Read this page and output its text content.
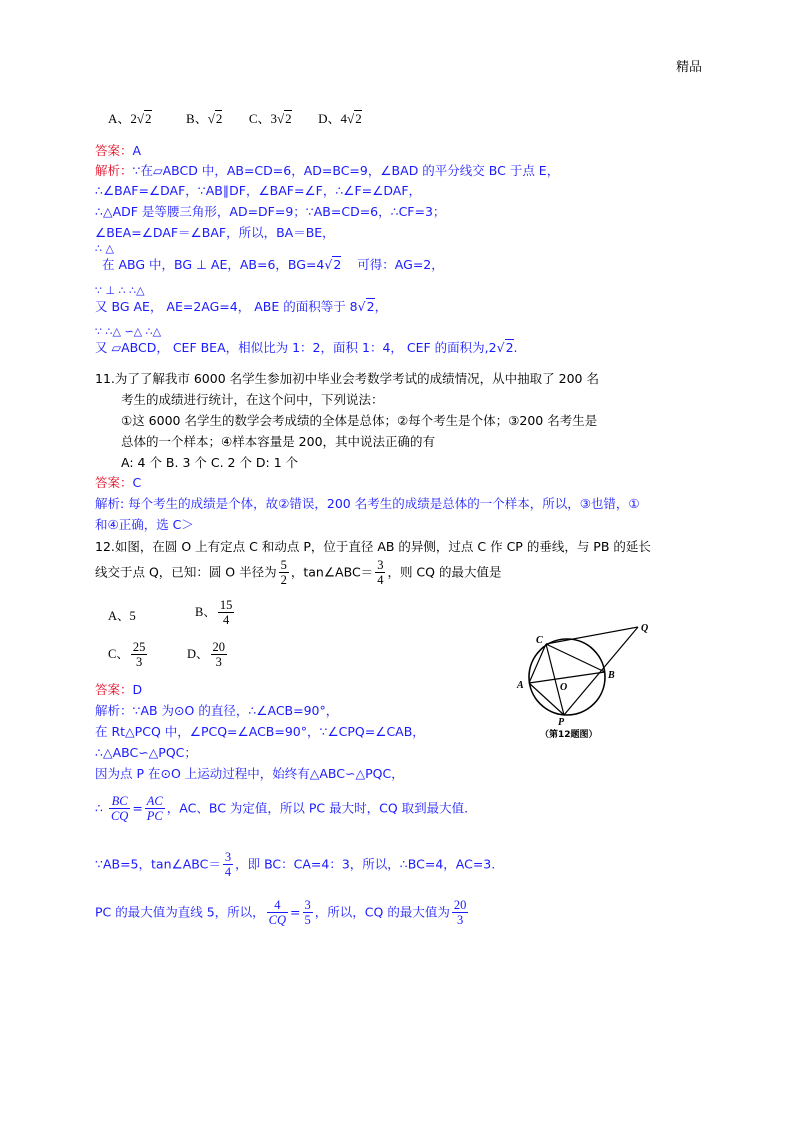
精品
A、2√2	B、√2 C、3√2 D、4√2
答案：A
解析：∵在▱ABCD 中，AB=CD=6，AD=BC=9，∠BAD 的平分线交 BC 于点 E，
∴∠BAF=∠DAF，∵AB∥DF，∠BAF=∠F，∴∠F=∠DAF，
∴△ADF 是等腰三角形，AD=DF=9；∵AB=CD=6，∴CF=3；
∠BEA=∠DAF＝∠BAF，所以，BA＝BE，
∴ △
在 ABG 中，BG ⊥ AE，AB=6，BG=4√2 可得：AG=2，
∵ ⊥ ∴ ∴△
又 BG AE， AE=2AG=4， ABE 的面积等于 8√2，
∵ ∴△ ∽△ ∴△
又 ▱ABCD， CEF BEA，相似比为 1：2，面积 1：4， CEF 的面积为,2√2.
11.为了了解我市 6000 名学生参加初中毕业会考数学考试的成绩情况，从中抽取了 200 名
考生的成绩进行统计，在这个问中，下列说法：
①这 6000 名学生的数学会考成绩的全体是总体；②每个考生是个体；③200 名考生是
总体的一个样本；④样本容量是 200，其中说法正确的有
A: 4 个 B. 3 个 C. 2 个 D: 1 个
答案：C
解析: 每个考生的成绩是个体，故②错误，200 名考生的成绩是总体的一个样本，所以，③也错，①
和④正确，选 C＞
12.如图，在圆 O 上有定点 C 和动点 P，位于直径 AB 的异侧，过点 C 作 CP 的垂线，与 PB 的延长
线交于点 Q，已知：圆 O 半径为 $\frac{5}{2}$ ，tan∠ABC＝ $\frac{3}{4}$ ，则 CQ 的最大值是
A、5	B、 $\frac{15}{4}$
C、 $\frac{25}{3}$	D、 $\frac{20}{3}$
答案：D
解析：∵AB 为⊙O 的直径，∴∠ACB=90°，
在 Rt△PCQ 中，∠PCQ=∠ACB=90°，∵∠CPQ=∠CAB，
∴△ABC∽△PQC；
因为点 P 在⊙O 上运动过程中，始终有△ABC∽△PQC，
∴ $\frac{BC}{CQ} = \frac{AC}{PC}$ ，AC、BC 为定值，所以 PC 最大时，CQ 取到最大值.
∵AB=5，tan∠ABC＝ $\frac{3}{4}$ ，即 BC：CA=4：3，所以，∴BC=4，AC=3.
PC 的最大值为直线 5，所以， $\frac{4}{CQ} = \frac{3}{5}$ ，所以，CQ 的最大值为 $\frac{20}{3}$
C
Q
A	O
B
P
（第12题图）
